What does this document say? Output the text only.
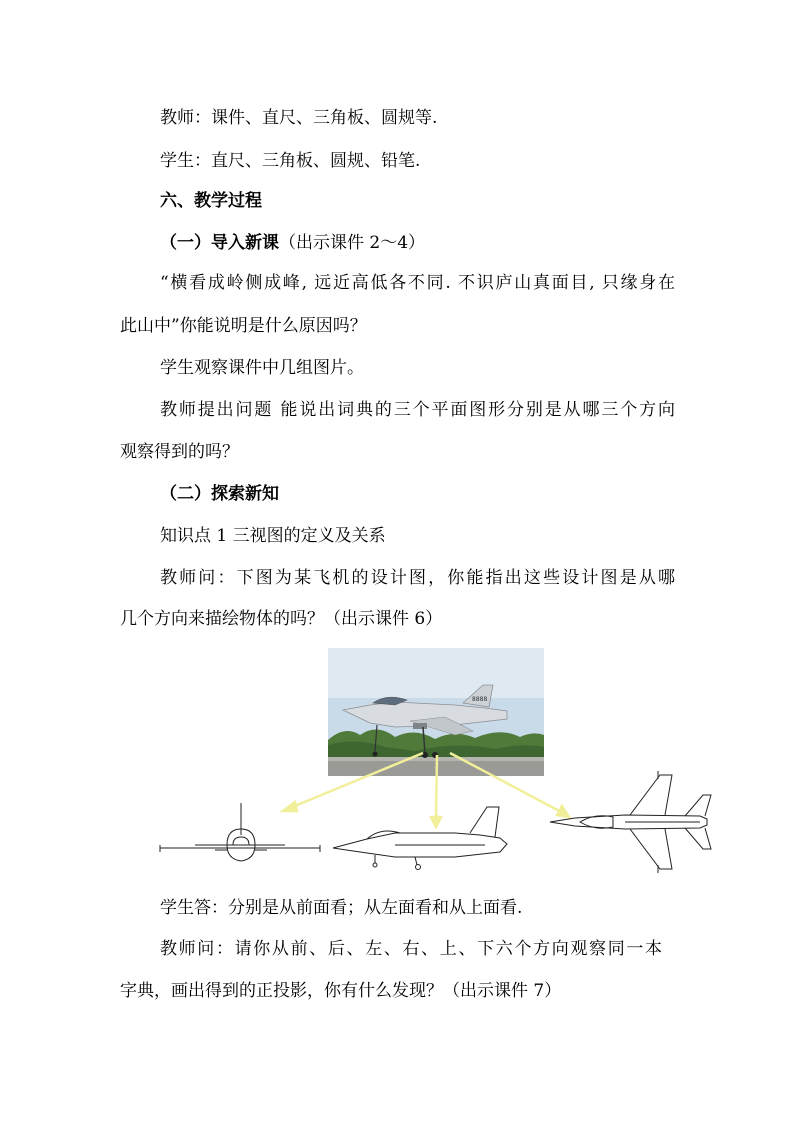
教师：课件、直尺、三角板、圆规等.
学生：直尺、三角板、圆规、铅笔.
六、教学过程
（一）导入新课（出示课件 2～4）
“横看成岭侧成峰, 远近高低各不同. 不识庐山真面目, 只缘身在
此山中”你能说明是什么原因吗？
学生观察课件中几组图片。
教师提出问题 能说出词典的三个平面图形分别是从哪三个方向
观察得到的吗？
（二）探索新知
知识点 1 三视图的定义及关系
教师问：下图为某飞机的设计图，你能指出这些设计图是从哪
几个方向来描绘物体的吗？（出示课件 6）
8888
学生答：分别是从前面看；从左面看和从上面看.
教师问：请你从前、后、左、右、上、下六个方向观察同一本
字典，画出得到的正投影，你有什么发现？（出示课件 7）
